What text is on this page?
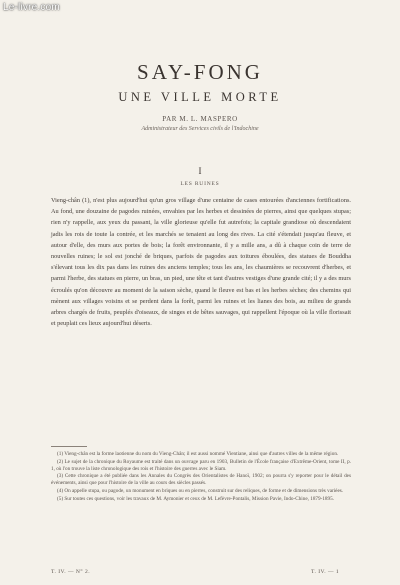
Le-livre.com
SAY-FONG
UNE VILLE MORTE
PAR M. L. MASPERO
Administrateur des Services civils de l'Indochine
I
LES RUINES

Vieng-chân (1), n'est plus aujourd'hui qu'un gros village d'une centaine de cases entourées d'anciennes fortifications. Au fond, une douzaine de pagodes ruinées, envahies par les herbes et dessinées de pierres, ainsi que quelques stupas; rien n'y rappelle, aux yeux du passant, la ville glorieuse qu'elle fut autrefois; la capitale grandiose où descendaient jadis les rois de toute la contrée, et les marchés se tenaient au long des rives. La cité s'étendait jusqu'au fleuve, et autour d'elle, des murs aux portes de bois; la forêt environnante, il y a mille ans, a dû à chaque coin de terre de nouvelles ruines; le sol est jonché de briques, parfois de pagodes aux toitures éboulées, des statues de Bouddha s'élevant tous les dix pas dans les ruines des anciens temples; tous les ans, les chaumières se recouvrent d'herbes, et parmi l'herbe, des statues en pierre, un bras, un pied, une tête et tant d'autres vestiges d'une grande cité; il y a des murs écroulés qu'on découvre au moment de la saison sèche, quand le fleuve est bas et les herbes sèches; des chemins qui mènent aux villages voisins et se perdent dans la forêt, parmi les ruines et les lianes des bois, au milieu de grands arbres chargés de fruits, peuplés d'oiseaux, de singes et de bêtes sauvages, qui rappellent l'époque où la ville florissait et peuplait ces lieux aujourd'hui déserts.

(1) Vieng-chân est la forme laotienne du nom du Vieng-Chân; il est aussi nommé Vientiane, ainsi que d'autres villes de la même région.

(2) Le sujet de la chronique du Royaume est traité dans un ouvrage paru en 1903, Bulletin de l'École française d'Extrême-Orient, tome II, p. 1, où l'on trouve la liste chronologique des rois et l'histoire des guerres avec le Siam.

(3) Cette chronique a été publiée dans les Annales du Congrès des Orientalistes de Hanoï, 1902; on pourra s'y reporter pour le détail des événements, ainsi que pour l'histoire de la ville au cours des siècles passés.

(4) On appelle stupa, ou pagode, un monument en briques ou en pierres, construit sur des reliques, de forme et de dimensions très variées.

(5) Sur toutes ces questions, voir les travaux de M. Aymonier et ceux de M. Lefèvre-Pontalis, Mission Pavie, Indo-Chine, 1879-1895.

T. IV. — N° 2.	T. IV. — 1
